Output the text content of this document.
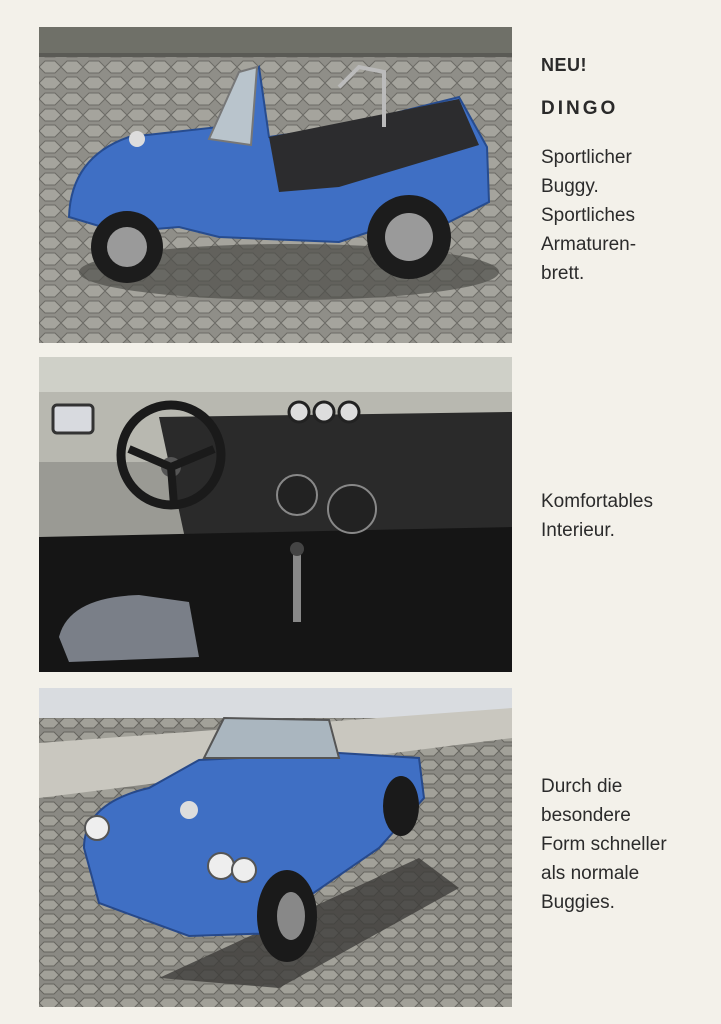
NEU!
DINGO
Sportlicher
Buggy.
Sportliches
Armaturen-
brett.
Komfortables
Interieur.
Durch die
besondere
Form schneller
als normale
Buggies.
